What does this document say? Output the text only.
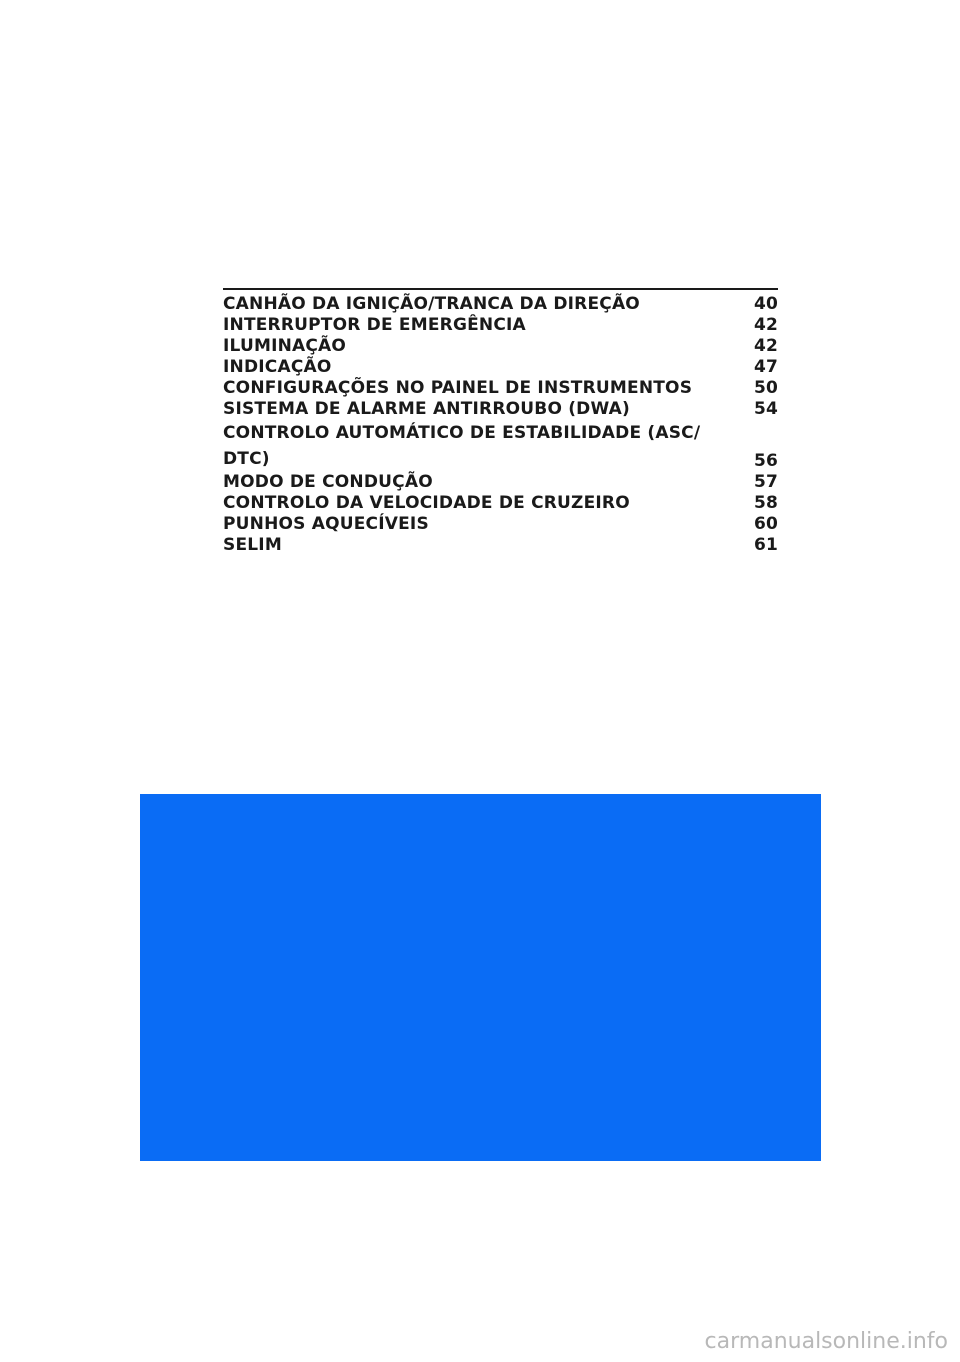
CANHÃO DA IGNIÇÃO/TRANCA DA DIREÇÃO	40
INTERRUPTOR DE EMERGÊNCIA	42
ILUMINAÇÃO	42
INDICAÇÃO	47
CONFIGURAÇÕES NO PAINEL DE INSTRUMENTOS	50
SISTEMA DE ALARME ANTIRROUBO (DWA)	54
CONTROLO AUTOMÁTICO DE ESTABILIDADE (ASC/ DTC)	56
MODO DE CONDUÇÃO	57
CONTROLO DA VELOCIDADE DE CRUZEIRO	58
PUNHOS AQUECÍVEIS	60
SELIM	61
carmanualsonline.info
